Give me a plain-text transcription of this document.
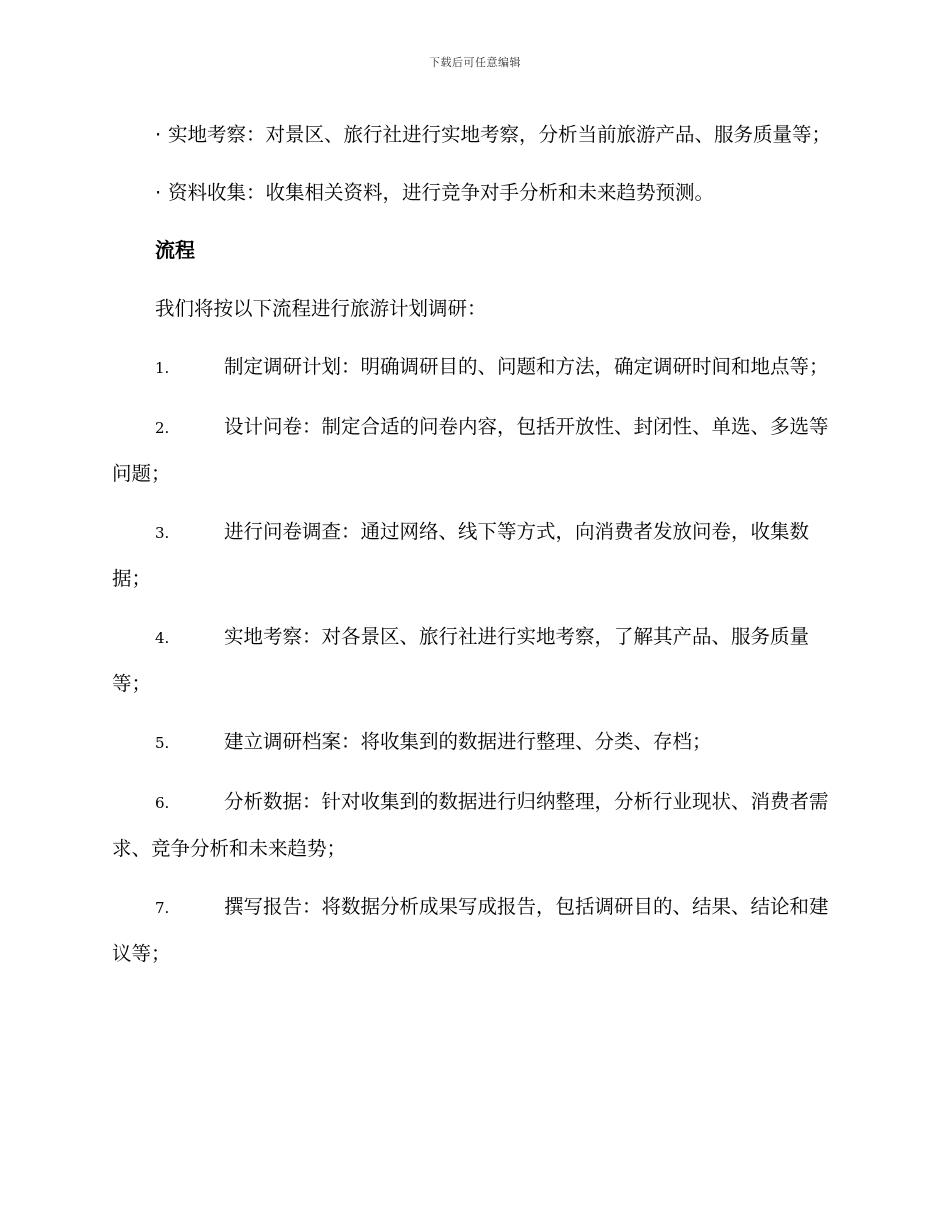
下载后可任意编辑

· 实地考察：对景区、旅行社进行实地考察，分析当前旅游产品、服务质量等；

· 资料收集：收集相关资料，进行竞争对手分析和未来趋势预测。

流程

我们将按以下流程进行旅游计划调研：

1.	制定调研计划：明确调研目的、问题和方法，确定调研时间和地点等；

2.	设计问卷：制定合适的问卷内容，包括开放性、封闭性、单选、多选等问题；

3.	进行问卷调查：通过网络、线下等方式，向消费者发放问卷，收集数据；

4.	实地考察：对各景区、旅行社进行实地考察，了解其产品、服务质量等；

5.	建立调研档案：将收集到的数据进行整理、分类、存档；

6.	分析数据：针对收集到的数据进行归纳整理，分析行业现状、消费者需求、竞争分析和未来趋势；

7.	撰写报告：将数据分析成果写成报告，包括调研目的、结果、结论和建议等；
